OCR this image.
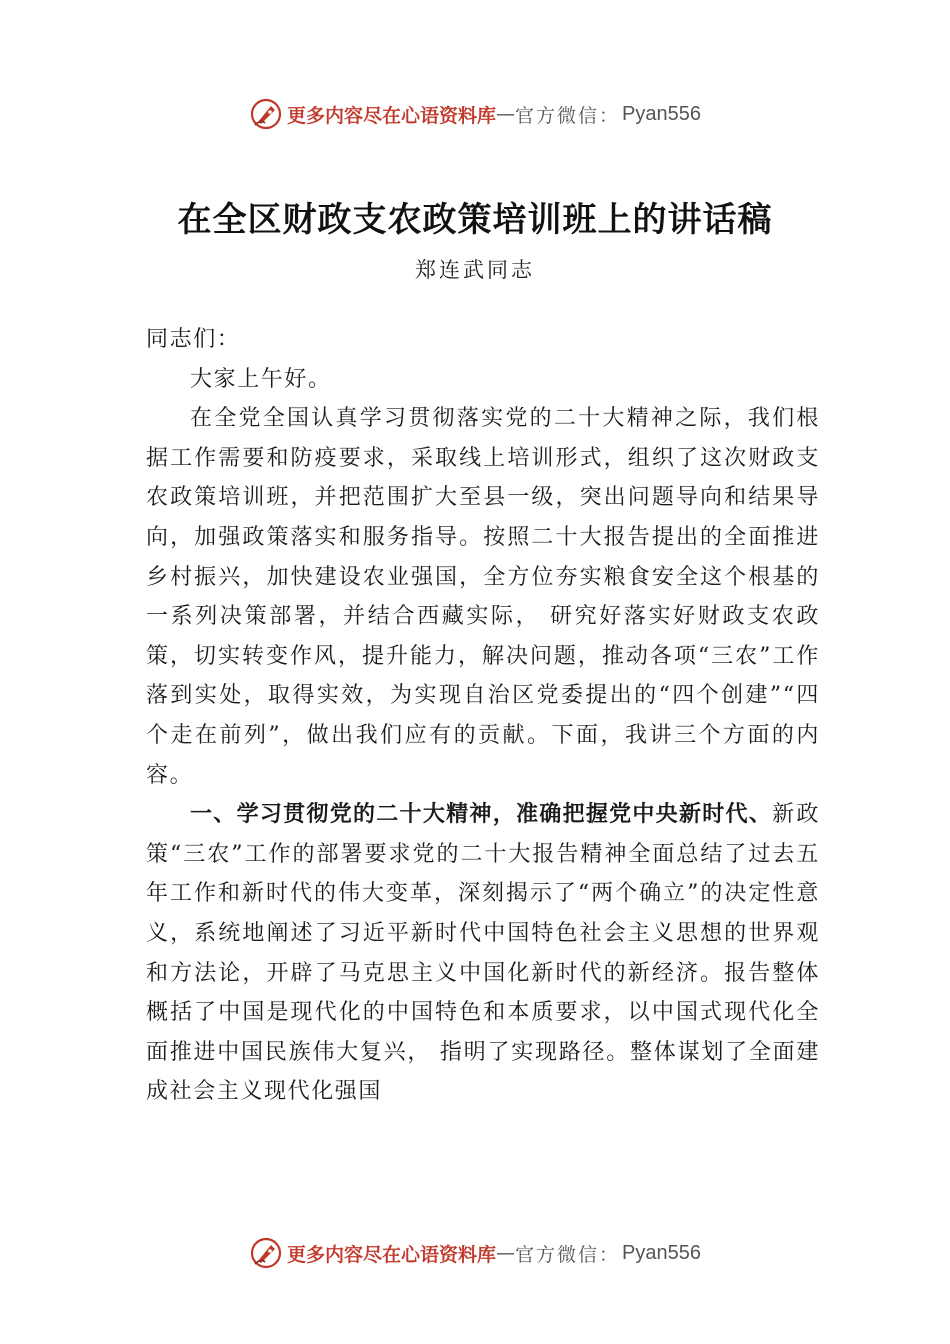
更多内容尽在心语资料库 — 官方微信： Pyan556
在全区财政支农政策培训班上的讲话稿
郑连武同志

同志们：

大家上午好。

在全党全国认真学习贯彻落实党的二十大精神之际，我们根据工作需要和防疫要求，采取线上培训形式，组织了这次财政支农政策培训班，并把范围扩大至县一级，突出问题导向和结果导向，加强政策落实和服务指导。按照二十大报告提出的全面推进乡村振兴，加快建设农业强国，全方位夯实粮食安全这个根基的一系列决策部署，并结合西藏实际， 研究好落实好财政支农政策，切实转变作风，提升能力，解决问题，推动各项“三农”工作落到实处，取得实效，为实现自治区党委提出的“四个创建”“四个走在前列”，做出我们应有的贡献。下面，我讲三个方面的内容。

一、学习贯彻党的二十大精神，准确把握党中央新时代、新政策“三农”工作的部署要求党的二十大报告精神全面总结了过去五年工作和新时代的伟大变革，深刻揭示了“两个确立”的决定性意义，系统地阐述了习近平新时代中国特色社会主义思想的世界观和方法论，开辟了马克思主义中国化新时代的新经济。报告整体概括了中国是现代化的中国特色和本质要求，以中国式现代化全面推进中国民族伟大复兴， 指明了实现路径。整体谋划了全面建成社会主义现代化强国

更多内容尽在心语资料库 — 官方微信： Pyan556
